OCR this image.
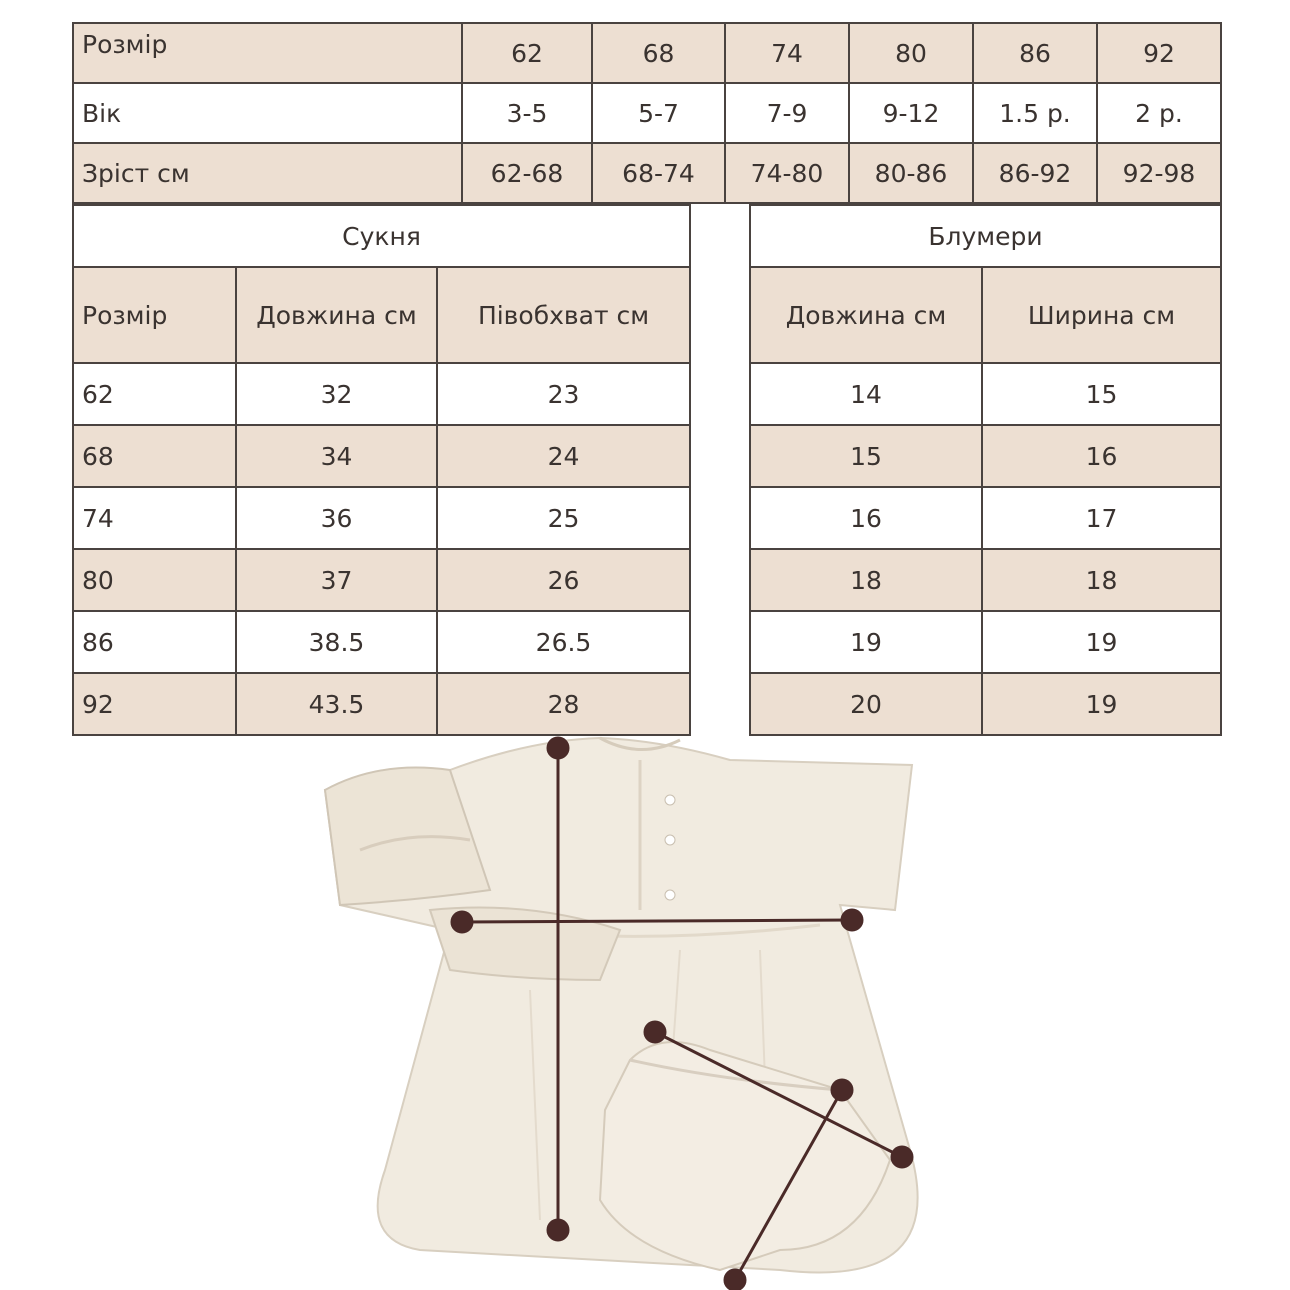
Розмір	62	68	74	80	86	92
Вік	3-5	5-7	7-9	9-12	1.5 р.	2 р.
Зріст см	62-68	68-74	74-80	80-86	86-92	92-98
Сукня		
Розмір	Довжина см	Півобхват см
62	32	23
68	34	24
74	36	25
80	37	26
86	38.5	26.5
92	43.5	28
Блумери	
Довжина см	Ширина см
14	15
15	16
16	17
18	18
19	19
20	19
